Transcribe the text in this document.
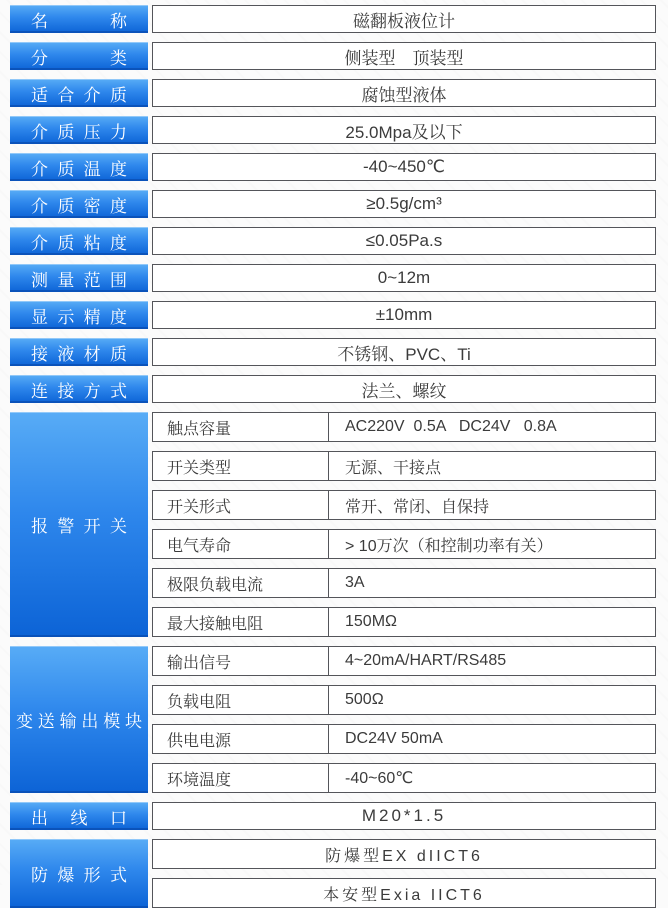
名称	磁翻板液位计
分类	侧装型　顶装型
适合介质	腐蚀型液体
介质压力	25.0Mpa及以下
介质温度	-40~450℃
介质密度	≥0.5g/cm³
介质粘度	≤0.05Pa.s
测量范围	0~12m
显示精度	±10mm
接液材质	不锈钢、PVC、Ti
连接方式	法兰、螺纹
报警开关
触点容量	AC220V  0.5A   DC24V   0.8A
开关类型	无源、干接点
开关形式	常开、常闭、自保持
电气寿命	> 10万次（和控制功率有关）
极限负载电流	3A
最大接触电阻	150MΩ
变送输出模块
输出信号	4~20mA/HART/RS485
负载电阻	500Ω
供电电源	DC24V 50mA
环境温度	-40~60℃
出线口	M20*1.5
防爆形式
防爆型EX dIICT6
本安型Exia IICT6
